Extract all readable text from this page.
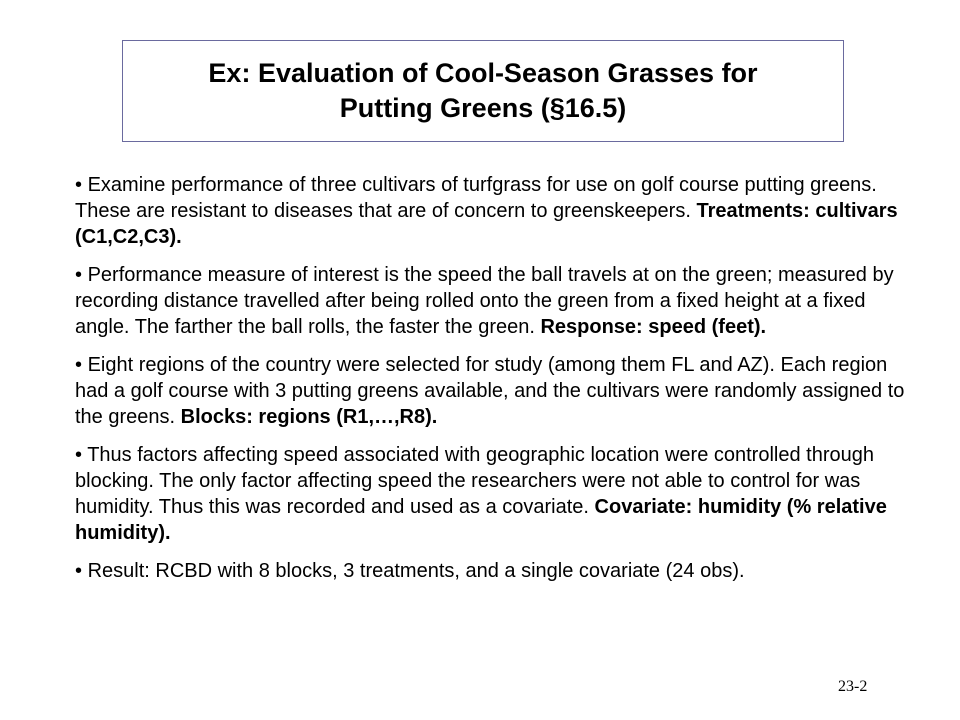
Ex: Evaluation of Cool-Season Grasses for
Putting Greens (§16.5)
• Examine performance of three cultivars of turfgrass for use on golf course putting greens. These are resistant to diseases that are of concern to greenskeepers. Treatments: cultivars (C1,C2,C3).
• Performance measure of interest is the speed the ball travels at on the green; measured by recording distance travelled after being rolled onto the green from a fixed height at a fixed angle. The farther the ball rolls, the faster the green. Response: speed (feet).
• Eight regions of the country were selected for study (among them FL and AZ). Each region had a golf course with 3 putting greens available, and the cultivars were randomly assigned to the greens. Blocks: regions (R1,…,R8).
• Thus factors affecting speed associated with geographic location were controlled through blocking. The only factor affecting speed the researchers were not able to control for was humidity. Thus this was recorded and used as a covariate. Covariate: humidity (% relative humidity).
• Result: RCBD with 8 blocks, 3 treatments, and a single covariate (24 obs).
23-2
